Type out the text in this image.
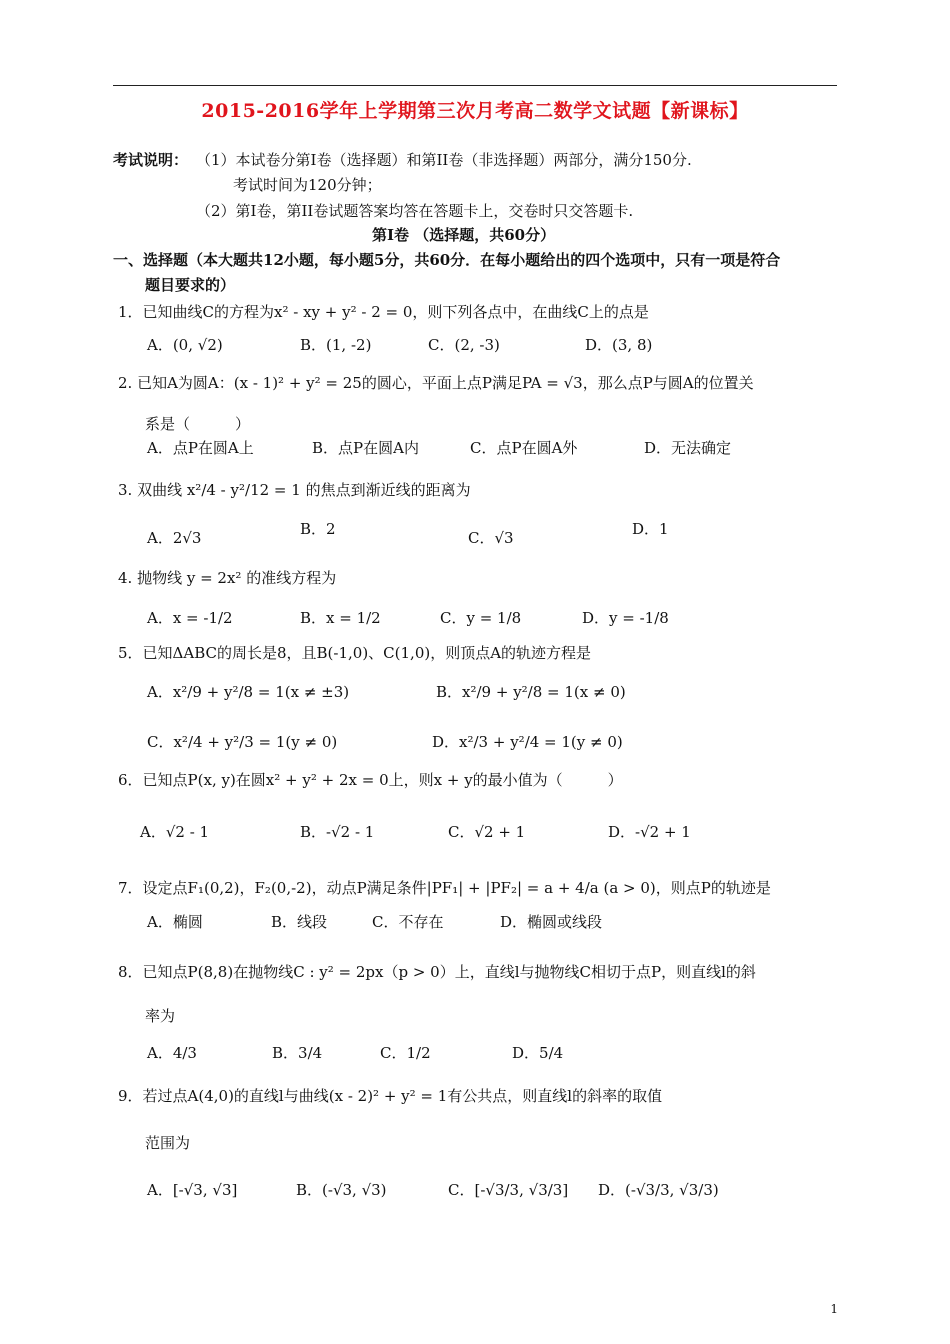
2015-2016学年上学期第三次月考高二数学文试题【新课标】
考试说明： （1）本试卷分第I卷（选择题）和第II卷（非选择题）两部分，满分150分.
考试时间为120分钟；
（2）第I卷，第II卷试题答案均答在答题卡上，交卷时只交答题卡.
第I卷 （选择题，共60分）
一、选择题（本大题共12小题，每小题5分，共60分．在每小题给出的四个选项中，只有一项是符合
题目要求的）
1．已知曲线C的方程为x² - xy + y² - 2 = 0，则下列各点中，在曲线C上的点是
A．(0, √2)	B．(1, -2)	C．(2, -3)	D．(3, 8)
2. 已知A为圆A：(x - 1)² + y² = 25的圆心，平面上点P满足PA = √3，那么点P与圆A的位置关
系是（　　　）
A．点P在圆A上	B．点P在圆A内	C．点P在圆A外	D．无法确定
3. 双曲线 x²/4 - y²/12 = 1 的焦点到渐近线的距离为
A．2√3	B．2	C．√3	D．1
4. 抛物线 y = 2x² 的准线方程为
A．x = -1/2	B．x = 1/2	C．y = 1/8	D．y = -1/8
5．已知ΔABC的周长是8，且B(-1,0)、C(1,0)，则顶点A的轨迹方程是
A．x²/9 + y²/8 = 1(x ≠ ±3)	B．x²/9 + y²/8 = 1(x ≠ 0)
C．x²/4 + y²/3 = 1(y ≠ 0)	D．x²/3 + y²/4 = 1(y ≠ 0)
6．已知点P(x, y)在圆x² + y² + 2x = 0上，则x + y的最小值为（　　　）
A．√2 - 1	B．-√2 - 1	C．√2 + 1	D．-√2 + 1
7．设定点F₁(0,2)，F₂(0,-2)，动点P满足条件|PF₁| + |PF₂| = a + 4/a (a > 0)，则点P的轨迹是
A．椭圆	B．线段	C．不存在	D．椭圆或线段
8．已知点P(8,8)在抛物线C : y² = 2px（p > 0）上，直线l与抛物线C相切于点P，则直线l的斜
率为
A．4/3	B．3/4	C．1/2	D．5/4
9．若过点A(4,0)的直线l与曲线(x - 2)² + y² = 1有公共点，则直线l的斜率的取值
范围为
A．[-√3, √3]	B．(-√3, √3)	C．[-√3/3, √3/3] D．(-√3/3, √3/3)
1
